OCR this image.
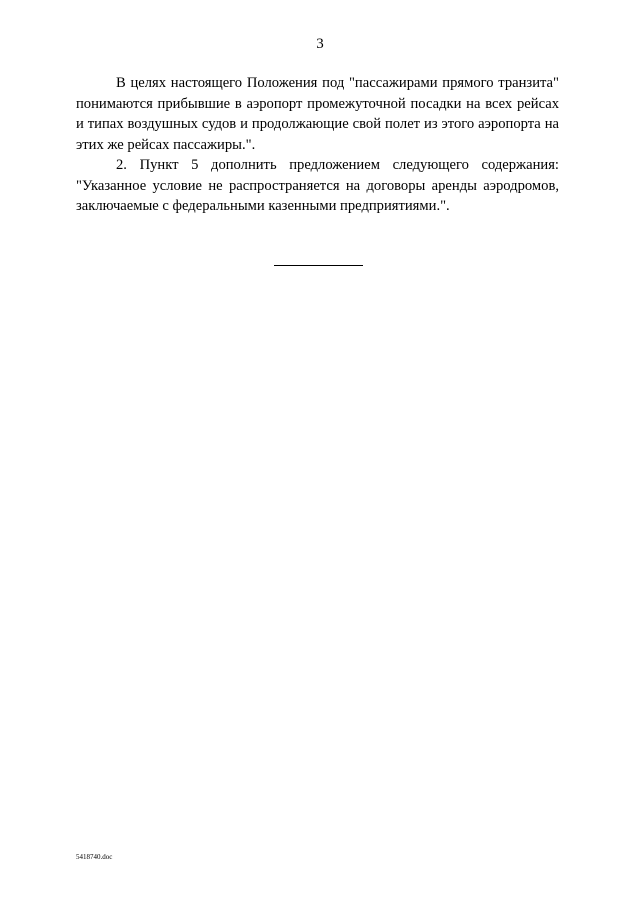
3

В целях настоящего Положения под "пассажирами прямого транзита" понимаются прибывшие в аэропорт промежуточной посадки на всех рейсах и типах воздушных судов и продолжающие свой полет из этого аэропорта на этих же рейсах пассажиры.".

2. Пункт 5 дополнить предложением следующего содержания: "Указанное условие не распространяется на договоры аренды аэродромов, заключаемые с федеральными казенными предприятиями.".

5418740.doc
